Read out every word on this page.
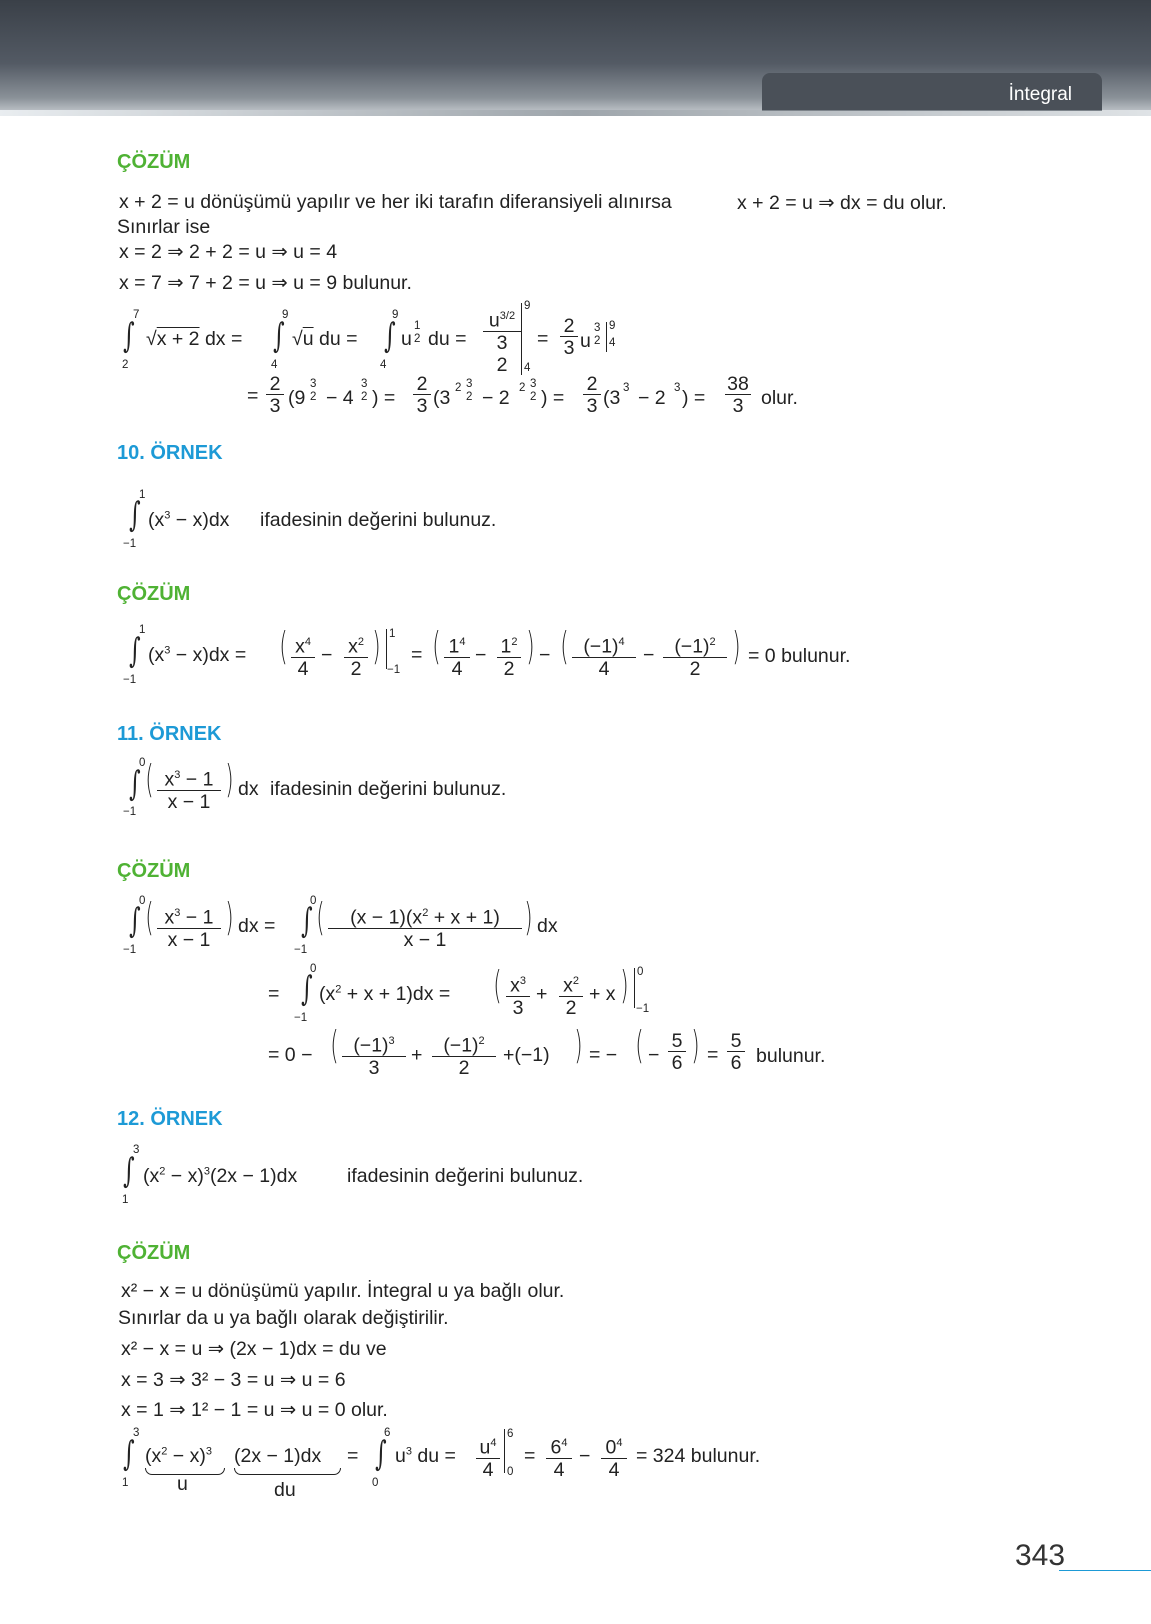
İntegral
ÇÖZÜM
x + 2 = u dönüşümü yapılır ve her iki tarafın diferansiyeli alınırsa	x + 2 = u ⇒ dx = du olur.
Sınırlar ise
x = 2 ⇒ 2 + 2 = u ⇒ u = 4
x = 7 ⇒ 7 + 2 = u ⇒ u = 9 bulunur.
7
∫
2
√x + 2 dx =
9
∫
4
√u du =
9
∫
4
u
1
2 du =
$u^{3/2}$
3
2
9
4
= $\frac{2}{3}$ u
3
2
9
4
= $\frac{2}{3} (9$
3
2 − 4
3
2 ) = $\frac{2}{3} (3$ 2 3
2 − 2 2 3
2 ) = $\frac{2}{3} (3$ 3 − 2 3 ) = $\frac{38}{3}$ olur.
10. ÖRNEK
1
∫
−1
$(x^3 - x)dx$ ifadesinin değerini bulunuz.
ÇÖZÜM
1
∫
−1
$(x^3 - x)dx$ = ( $\frac{x^4}{4} - \frac{x^2}{2}$ ) 1
−1
= ( $\frac{1^4}{4} - \frac{1^2}{2}$ ) − ( $\frac{(-1)^4}{4} - \frac{(-1)^2}{2}$ ) = 0 bulunur.
11. ÖRNEK
0
∫
−1
( $\frac{x^3 - 1}{x - 1}$ ) dx ifadesinin değerini bulunuz.
ÇÖZÜM
0
∫
−1
( $\frac{x^3 - 1}{x - 1}$ ) dx =
0
∫
−1
( $\frac{(x - 1)(x^2 + x + 1)}{x - 1}$ ) dx
=
0
∫
−1
$(x^2 + x + 1)dx$ = ( $\frac{x^3}{3} + \frac{x^2}{2} + x$ ) 0
−1
= 0 − ( $\frac{(-1)^3}{3} + \frac{(-1)^2}{2} +(-1)$ ) = − ( − $\frac{5}{6}$ ) = $\frac{5}{6}$ bulunur.
12. ÖRNEK
3
∫
1
$(x^2 - x)^3(2x - 1)dx$	ifadesinin değerini bulunuz.
ÇÖZÜM
x² − x = u dönüşümü yapılır. İntegral u ya bağlı olur.
Sınırlar da u ya bağlı olarak değiştirilir.
x² − x = u ⇒ (2x − 1)dx = du ve
x = 3 ⇒ 3² − 3 = u ⇒ u = 6
x = 1 ⇒ 1² − 1 = u ⇒ u = 0 olur.
3
∫
1
$(x^2 - x)^3$
u
(2x − 1)dx
du
=
6
∫
0
$u^3$ du = $\frac{u^4}{4} 6$
0
= $\frac{6^4}{4} - \frac{0^4}{4} = 324$ bulunur.
343
